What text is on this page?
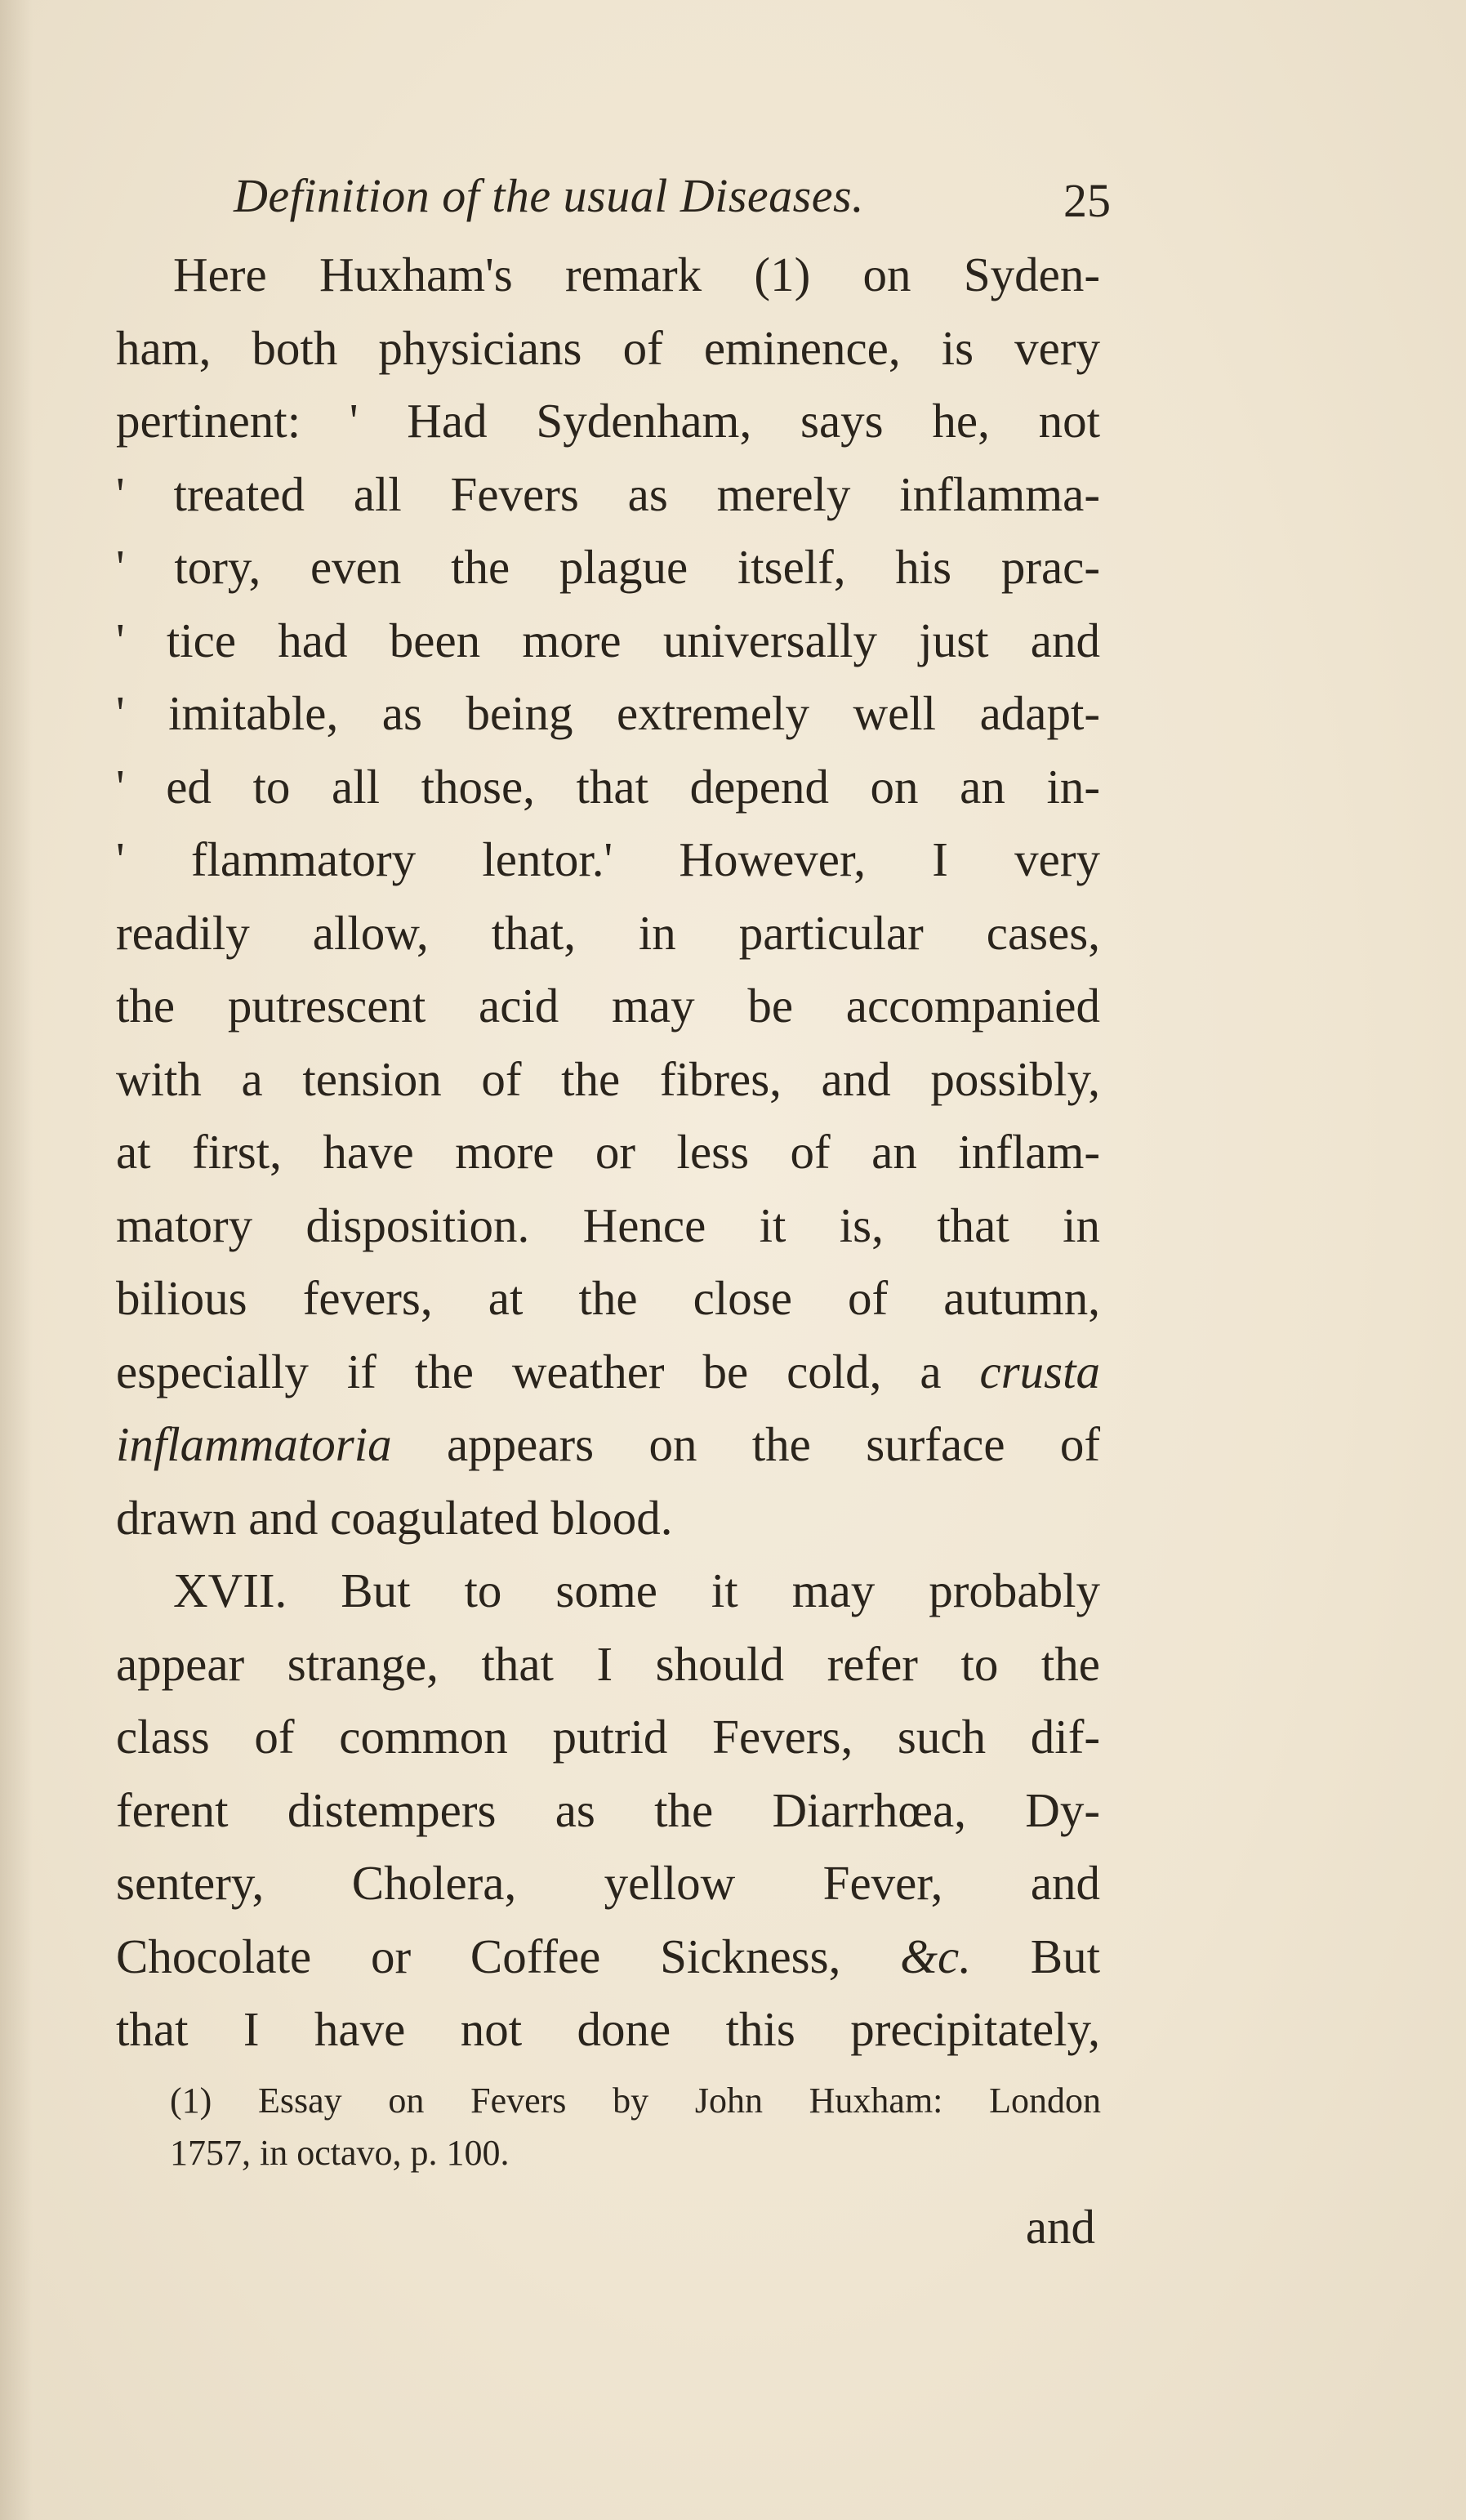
Definition of the usual Diseases.	25
Here Huxham's remark (1) on Syden-
ham, both physicians of eminence, is very
pertinent: ' Had Sydenham, says he, not
' treated all Fevers as merely inflamma-
' tory, even the plague itself, his prac-
' tice had been more universally just and
' imitable, as being extremely well adapt-
' ed to all those, that depend on an in-
' flammatory lentor.' However, I very
readily allow, that, in particular cases,
the putrescent acid may be accompanied
with a tension of the fibres, and possibly,
at first, have more or less of an inflam-
matory disposition. Hence it is, that in
bilious fevers, at the close of autumn,
especially if the weather be cold, a crusta
inflammatoria appears on the surface of
drawn and coagulated blood.
XVII. But to some it may probably
appear strange, that I should refer to the
class of common putrid Fevers, such dif-
ferent distempers as the Diarrhœa, Dy-
sentery, Cholera, yellow Fever, and
Chocolate or Coffee Sickness, &c. But
that I have not done this precipitately,
(1) Essay on Fevers by John Huxham: London
1757, in octavo, p. 100.
and
